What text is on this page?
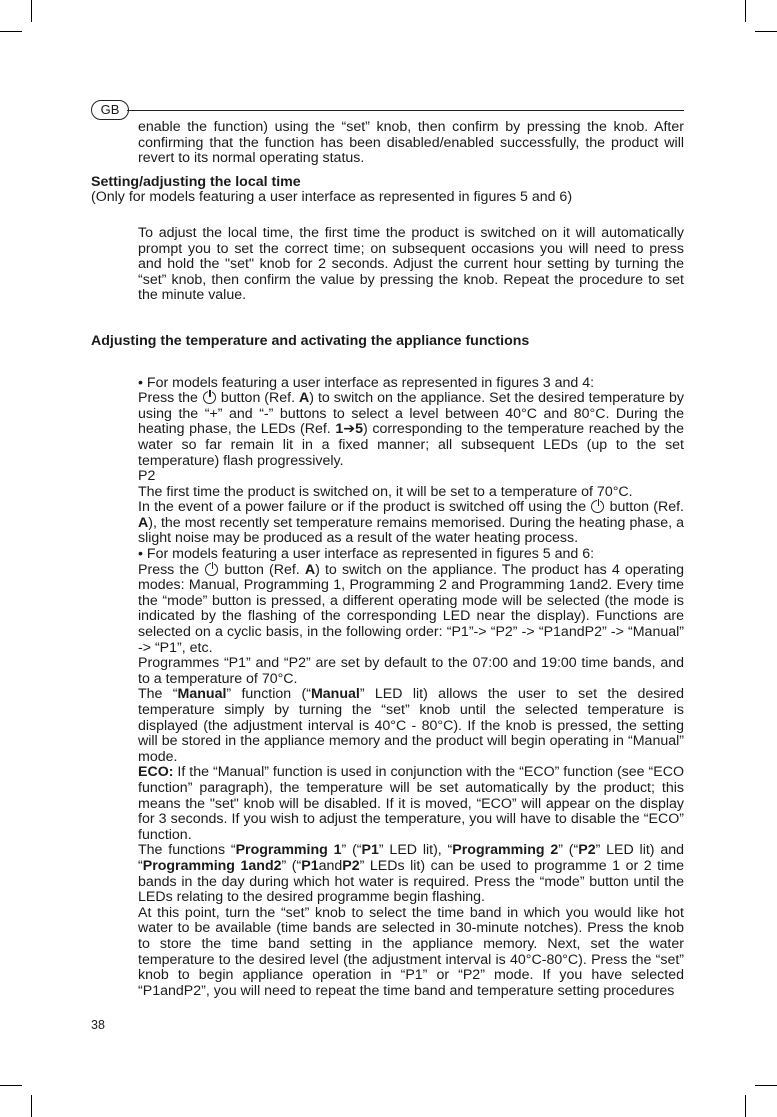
GB

enable the function) using the “set” knob, then confirm by pressing the knob. After confirming that the function has been disabled/enabled successfully, the product will revert to its normal operating status.

Setting/adjusting the local time

(Only for models featuring a user interface as represented in figures 5 and 6)

To adjust the local time, the first time the product is switched on it will automatically prompt you to set the correct time; on subsequent occasions you will need to press and hold the "set" knob for 2 seconds. Adjust the current hour setting by turning the “set” knob, then confirm the value by pressing the knob. Repeat the procedure to set the minute value.

Adjusting the temperature and activating the appliance functions

• For models featuring a user interface as represented in figures 3 and 4:

Press the button (Ref. A) to switch on the appliance. Set the desired temperature by using the “+” and “-” buttons to select a level between 40°C and 80°C. During the heating phase, the LEDs (Ref. 1➔5) corresponding to the temperature reached by the water so far remain lit in a fixed manner; all subsequent LEDs (up to the set temperature) flash progressively.

P2

The first time the product is switched on, it will be set to a temperature of 70°C.

In the event of a power failure or if the product is switched off using the button (Ref. A), the most recently set temperature remains memorised. During the heating phase, a slight noise may be produced as a result of the water heating process.

• For models featuring a user interface as represented in figures 5 and 6:

Press the button (Ref. A) to switch on the appliance. The product has 4 operating modes: Manual, Programming 1, Programming 2 and Programming 1and2. Every time the “mode” button is pressed, a different operating mode will be selected (the mode is indicated by the flashing of the corresponding LED near the display). Functions are selected on a cyclic basis, in the following order: “P1”-> “P2” -> “P1andP2” -> “Manual” -> “P1”, etc.

Programmes “P1” and “P2” are set by default to the 07:00 and 19:00 time bands, and to a temperature of 70°C.

The “Manual” function (“Manual” LED lit) allows the user to set the desired temperature simply by turning the “set” knob until the selected temperature is displayed (the adjustment interval is 40°C - 80°C). If the knob is pressed, the setting will be stored in the appliance memory and the product will begin operating in “Manual” mode.

ECO: If the “Manual” function is used in conjunction with the “ECO” function (see “ECO function” paragraph), the temperature will be set automatically by the product; this means the "set" knob will be disabled. If it is moved, “ECO” will appear on the display for 3 seconds. If you wish to adjust the temperature, you will have to disable the “ECO” function.

The functions “Programming 1” (“P1” LED lit), “Programming 2” (“P2” LED lit) and “Programming 1and2” (“P1andP2” LEDs lit) can be used to programme 1 or 2 time bands in the day during which hot water is required. Press the “mode” button until the LEDs relating to the desired programme begin flashing.

At this point, turn the “set” knob to select the time band in which you would like hot water to be available (time bands are selected in 30-minute notches). Press the knob to store the time band setting in the appliance memory. Next, set the water temperature to the desired level (the adjustment interval is 40°C-80°C). Press the “set” knob to begin appliance operation in “P1” or “P2” mode. If you have selected “P1andP2”, you will need to repeat the time band and temperature setting procedures

38
